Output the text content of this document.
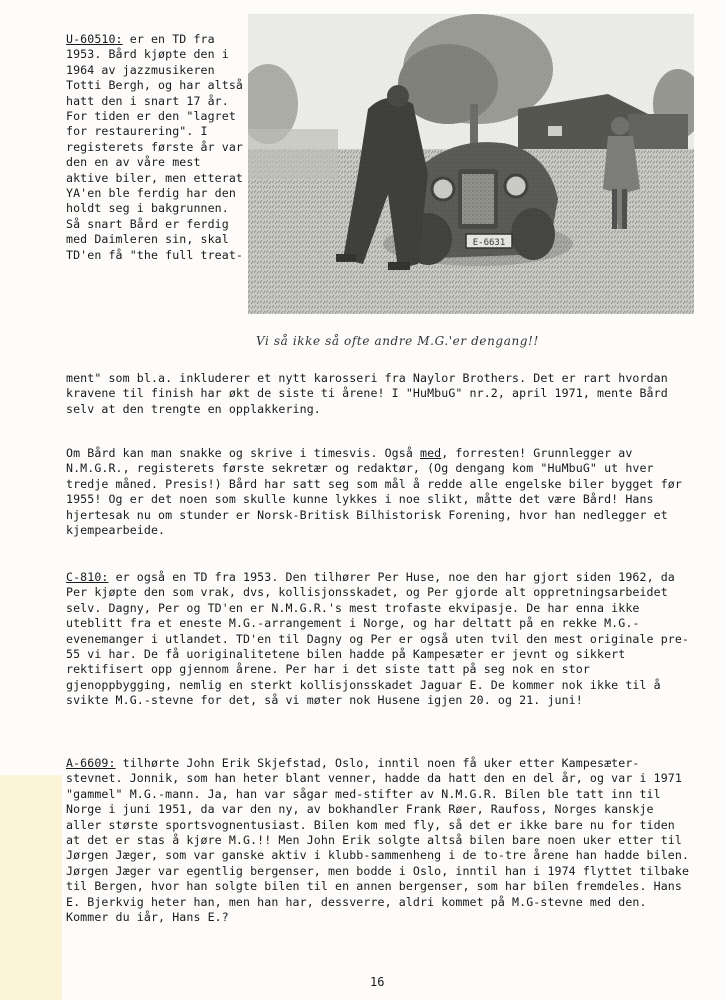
U-60510: er en TD fra 1953. Bård kjøpte den i 1964 av jazzmusikeren Totti Bergh, og har altså hatt den i snart 17 år. For tiden er den "lagret for restaurering". I registerets første år var den en av våre mest aktive biler, men etterat YA'en ble ferdig har den holdt seg i bakgrunnen. Så snart Bård er ferdig med Daimleren sin, skal TD'en få "the full treat-

E-6631
Vi så ikke så ofte andre M.G.'er dengang!!

ment" som bl.a. inkluderer et nytt karosseri fra Naylor Brothers. Det er rart hvordan kravene til finish har økt de siste ti årene! I "HuMbuG" nr.2, april 1971, mente Bård selv at den trengte en opplakkering.

Om Bård kan man snakke og skrive i timesvis. Også med, forresten! Grunnlegger av N.M.G.R., registerets første sekretær og redaktør, (Og dengang kom "HuMbuG" ut hver tredje måned. Presis!) Bård har satt seg som mål å redde alle engelske biler bygget før 1955! Og er det noen som skulle kunne lykkes i noe slikt, måtte det være Bård! Hans hjertesak nu om stunder er Norsk-Britisk Bilhistorisk Forening, hvor han nedlegger et kjempearbeide.

C-810: er også en TD fra 1953. Den tilhører Per Huse, noe den har gjort siden 1962, da Per kjøpte den som vrak, dvs, kollisjonsskadet, og Per gjorde alt oppretningsarbeidet selv. Dagny, Per og TD'en er N.M.G.R.'s mest trofaste ekvipasje. De har enna ikke uteblitt fra et eneste M.G.-arrangement i Norge, og har deltatt på en rekke M.G.-evenemanger i utlandet. TD'en til Dagny og Per er også uten tvil den mest originale pre-55 vi har. De få uoriginalitetene bilen hadde på Kampesæter er jevnt og sikkert rektifisert opp gjennom årene. Per har i det siste tatt på seg nok en stor gjenoppbygging, nemlig en sterkt kollisjonsskadet Jaguar E. De kommer nok ikke til å svikte M.G.-stevne for det, så vi møter nok Husene igjen 20. og 21. juni!

A-6609: tilhørte John Erik Skjefstad, Oslo, inntil noen få uker etter Kampesæter-stevnet. Jonnik, som han heter blant venner, hadde da hatt den en del år, og var i 1971 "gammel" M.G.-mann. Ja, han var sågar med-stifter av N.M.G.R. Bilen ble tatt inn til Norge i juni 1951, da var den ny, av bokhandler Frank Røer, Raufoss, Norges kanskje aller største sportsvognentusiast. Bilen kom med fly, så det er ikke bare nu for tiden at det er stas å kjøre M.G.!! Men John Erik solgte altså bilen bare noen uker etter til Jørgen Jæger, som var ganske aktiv i klubb-sammenheng i de to-tre årene han hadde bilen. Jørgen Jæger var egentlig bergenser, men bodde i Oslo, inntil han i 1974 flyttet tilbake til Bergen, hvor han solgte bilen til en annen bergenser, som har bilen fremdeles. Hans E. Bjerkvig heter han, men han har, dessverre, aldri kommet på M.G-stevne med den. Kommer du iår, Hans E.?

16
